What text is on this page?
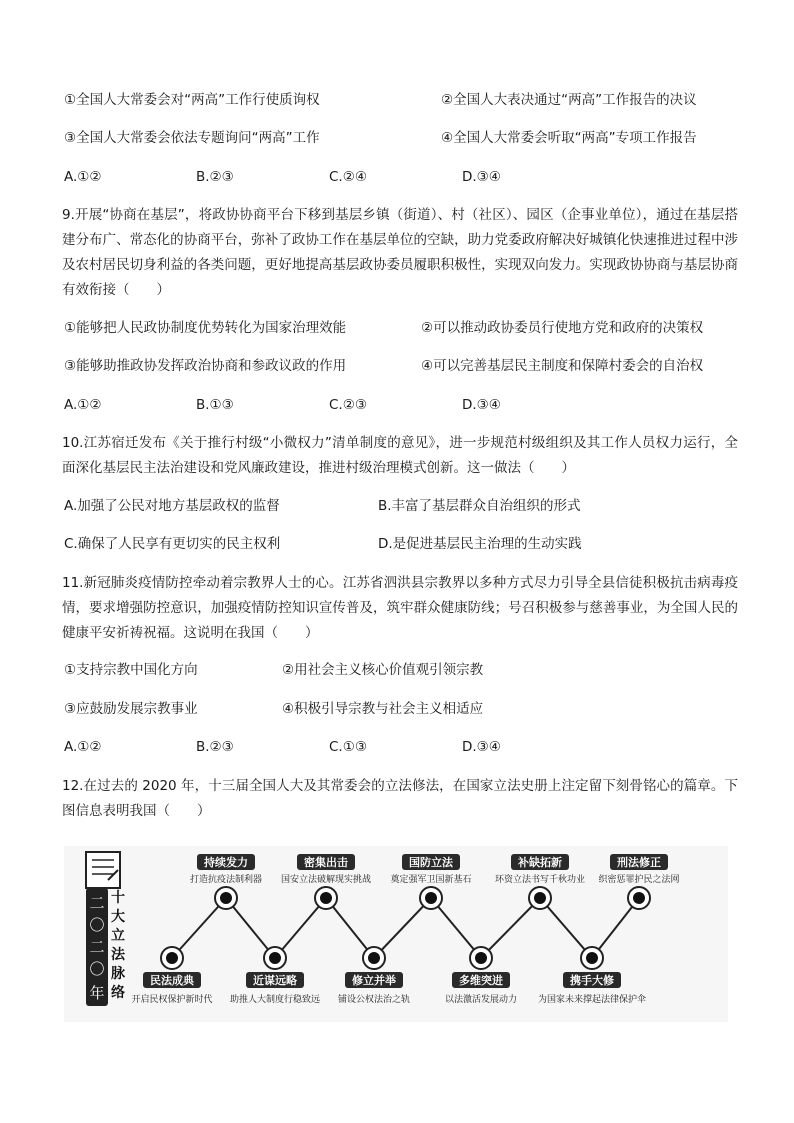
①全国人大常委会对“两高”工作行使质询权	②全国人大表决通过“两高”工作报告的决议
③全国人大常委会依法专题询问“两高”工作	④全国人大常委会听取“两高”专项工作报告
A.①②	B.②③	C.②④	D.③④
9.开展“协商在基层”，将政协协商平台下移到基层乡镇（街道）、村（社区）、园区（企事业单位），通过在基层搭建分布广、常态化的协商平台，弥补了政协工作在基层单位的空缺，助力党委政府解决好城镇化快速推进过程中涉及农村居民切身利益的各类问题，更好地提高基层政协委员履职积极性，实现双向发力。实现政协协商与基层协商有效衔接（　　）
①能够把人民政协制度优势转化为国家治理效能	②可以推动政协委员行使地方党和政府的决策权
③能够助推政协发挥政治协商和参政议政的作用	④可以完善基层民主制度和保障村委会的自治权
A.①②	B.①③	C.②③	D.③④
10.江苏宿迁发布《关于推行村级“小微权力”清单制度的意见》，进一步规范村级组织及其工作人员权力运行，全面深化基层民主法治建设和党风廉政建设，推进村级治理模式创新。这一做法（　　）
A.加强了公民对地方基层政权的监督	B.丰富了基层群众自治组织的形式
C.确保了人民享有更切实的民主权利	D.是促进基层民主治理的生动实践
11.新冠肺炎疫情防控牵动着宗教界人士的心。江苏省泗洪县宗教界以多种方式尽力引导全县信徒积极抗击病毒疫情，要求增强防控意识，加强疫情防控知识宣传普及，筑牢群众健康防线；号召积极参与慈善事业，为全国人民的健康平安祈祷祝福。这说明在我国（　　）
①支持宗教中国化方向	②用社会主义核心价值观引领宗教
③应鼓励发展宗教事业	④积极引导宗教与社会主义相适应
A.①②	B.②③	C.①③	D.③④
12.在过去的 2020 年，十三届全国人大及其常委会的立法修法，在国家立法史册上注定留下刻骨铭心的篇章。下图信息表明我国（　　）
二
〇
二
〇
年
十
大
立
法
脉
络
民法成典
开启民权保护新时代
近谋远略
助推人大制度行稳致远
修立并举
铺设公权法治之轨
多维突进
以法激活发展动力
携手大修
为国家未来撑起法律保护伞
持续发力
打造抗疫法制利器
密集出击
国安立法破解现实挑战
国防立法
奠定强军卫国新基石
补缺拓新
环资立法书写千秋功业
刑法修正
织密惩罪护民之法网
